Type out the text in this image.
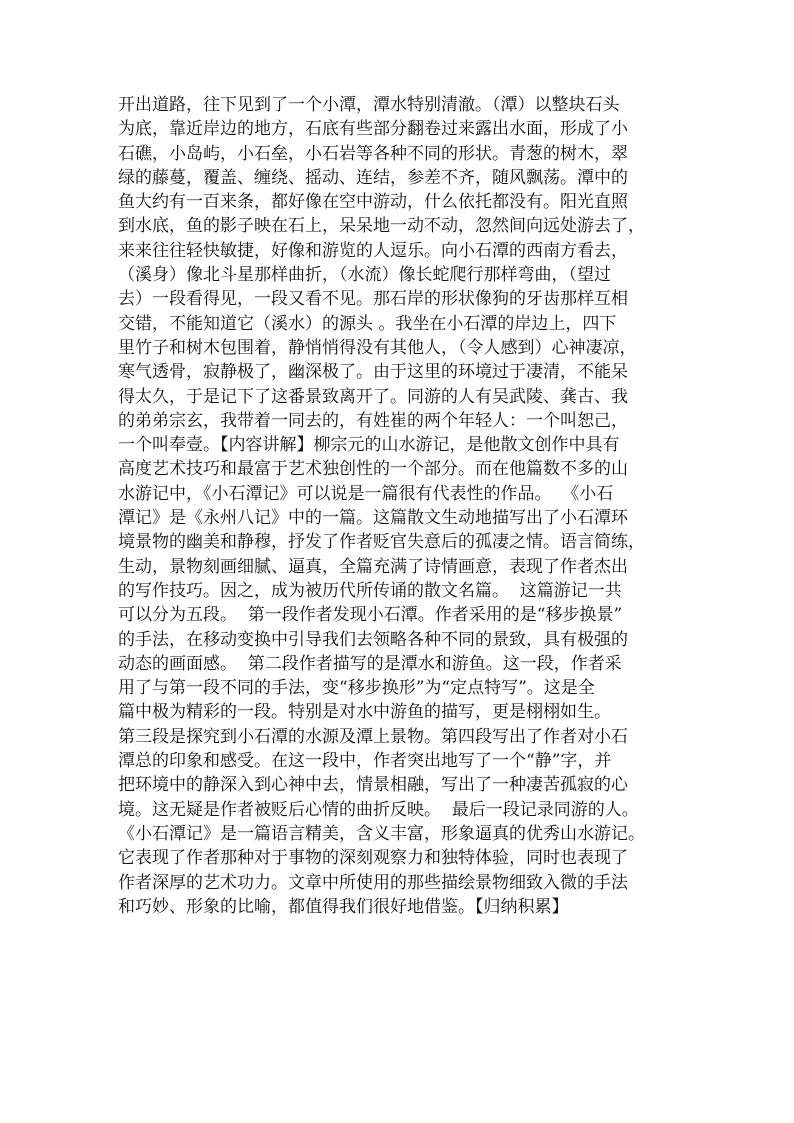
开出道路，往下见到了一个小潭，潭水特别清澈。（潭）以整块石头
为底，靠近岸边的地方，石底有些部分翻卷过来露出水面，形成了小
石礁，小岛屿，小石垒，小石岩等各种不同的形状。青葱的树木，翠
绿的藤蔓，覆盖、缠绕、摇动、连结，参差不齐，随风飘荡。潭中的
鱼大约有一百来条，都好像在空中游动，什么依托都没有。阳光直照
到水底，鱼的影子映在石上，呆呆地一动不动，忽然间向远处游去了，
来来往往轻快敏捷，好像和游览的人逗乐。向小石潭的西南方看去，
（溪身）像北斗星那样曲折，（水流）像长蛇爬行那样弯曲，（望过
去）一段看得见，一段又看不见。那石岸的形状像狗的牙齿那样互相
交错，不能知道它（溪水）的源头 。我坐在小石潭的岸边上，四下
里竹子和树木包围着，静悄悄得没有其他人，（令人感到）心神凄凉，
寒气透骨，寂静极了，幽深极了。由于这里的环境过于凄清，不能呆
得太久，于是记下了这番景致离开了。同游的人有吴武陵、龚古、我
的弟弟宗玄，我带着一同去的，有姓崔的两个年轻人：一个叫恕己，
一个叫奉壹。【内容讲解】柳宗元的山水游记，是他散文创作中具有
高度艺术技巧和最富于艺术独创性的一个部分。而在他篇数不多的山
水游记中，《小石潭记》可以说是一篇很有代表性的作品。  《小石
潭记》是《永州八记》中的一篇。这篇散文生动地描写出了小石潭环
境景物的幽美和静穆，抒发了作者贬官失意后的孤凄之情。语言简练，
生动，景物刻画细腻、逼真，全篇充满了诗情画意，表现了作者杰出
的写作技巧。因之，成为被历代所传诵的散文名篇。  这篇游记一共
可以分为五段。  第一段作者发现小石潭。作者采用的是“移步换景”
的手法，在移动变换中引导我们去领略各种不同的景致，具有极强的
动态的画面感。  第二段作者描写的是潭水和游鱼。这一段，作者采
用了与第一段不同的手法，变“移步换形”为“定点特写”。这是全
篇中极为精彩的一段。特别是对水中游鱼的描写，更是栩栩如生。
第三段是探究到小石潭的水源及潭上景物。第四段写出了作者对小石
潭总的印象和感受。在这一段中，作者突出地写了一个“静”字，并
把环境中的静深入到心神中去，情景相融，写出了一种凄苦孤寂的心
境。这无疑是作者被贬后心情的曲折反映。  最后一段记录同游的人。
《小石潭记》是一篇语言精美，含义丰富，形象逼真的优秀山水游记。
它表现了作者那种对于事物的深刻观察力和独特体验，同时也表现了
作者深厚的艺术功力。文章中所使用的那些描绘景物细致入微的手法
和巧妙、形象的比喻，都值得我们很好地借鉴。【归纳积累】
